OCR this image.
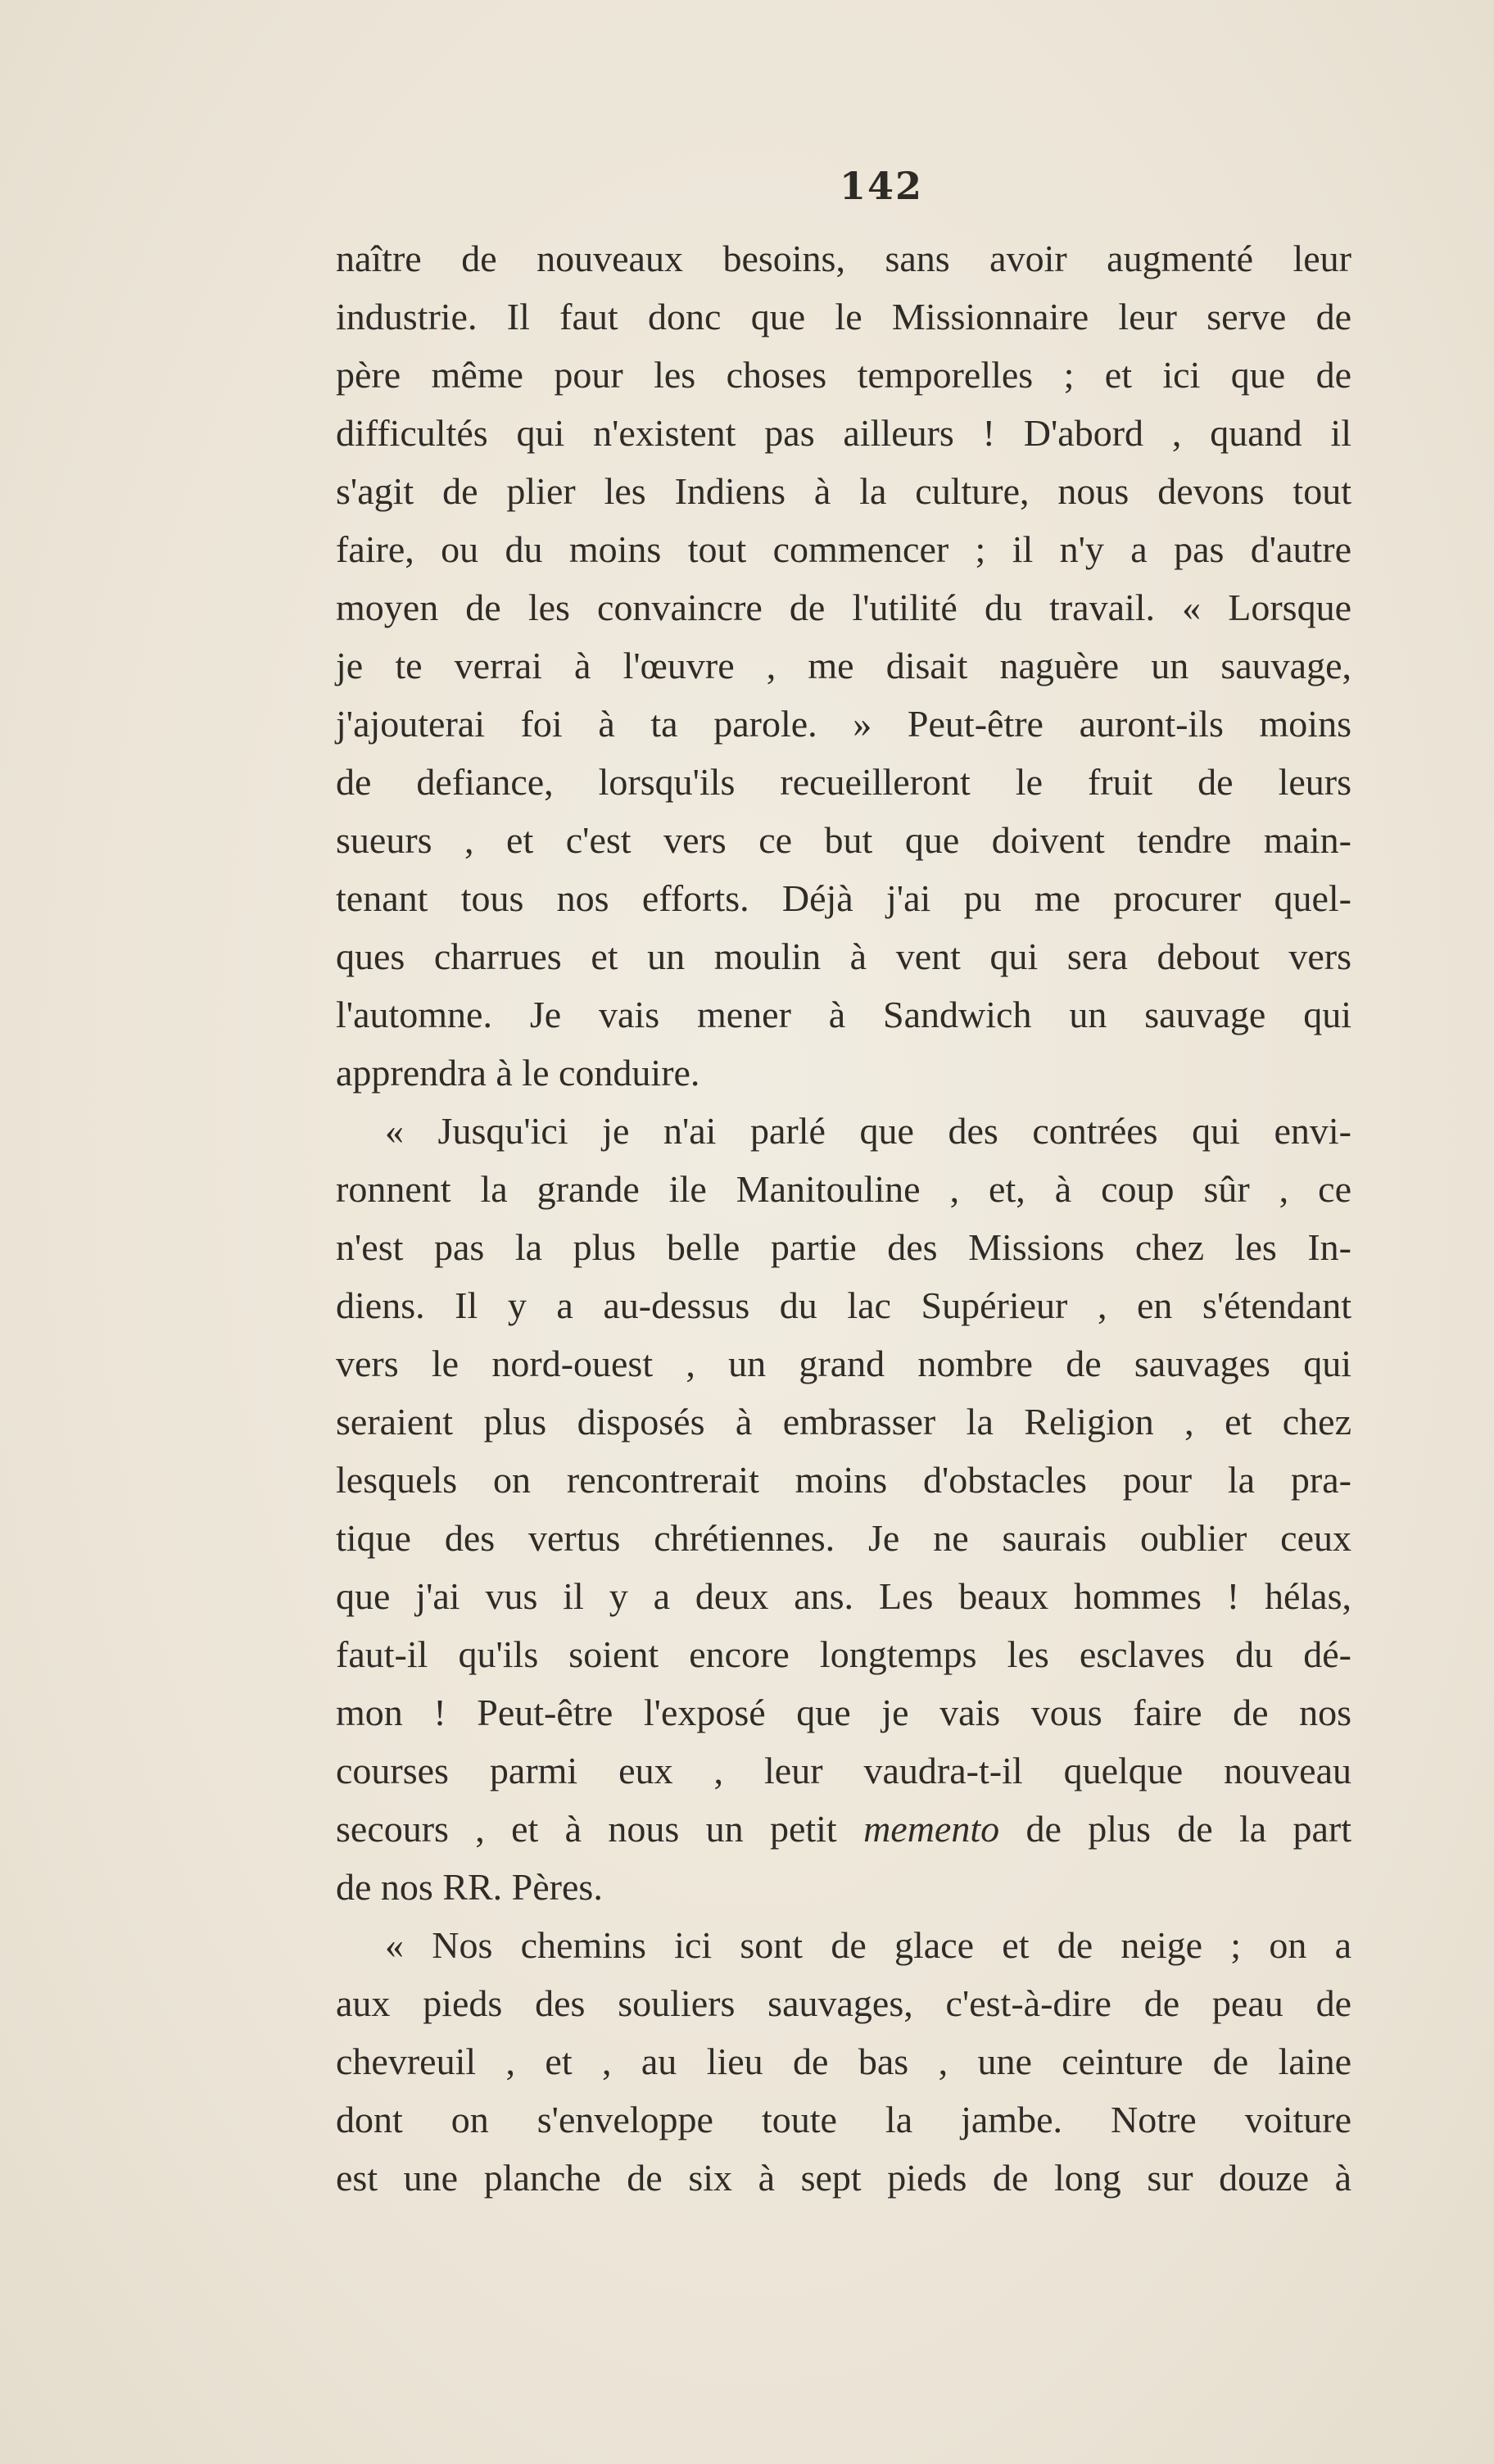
142
naître de nouveaux besoins, sans avoir augmenté leur
industrie. Il faut donc que le Missionnaire leur serve de
père même pour les choses temporelles ; et ici que de
difficultés qui n'existent pas ailleurs ! D'abord , quand il
s'agit de plier les Indiens à la culture, nous devons tout
faire, ou du moins tout commencer ; il n'y a pas d'autre
moyen de les convaincre de l'utilité du travail. « Lorsque
je te verrai à l'œuvre , me disait naguère un sauvage,
j'ajouterai foi à ta parole. » Peut-être auront-ils moins
de defiance, lorsqu'ils recueilleront le fruit de leurs
sueurs , et c'est vers ce but que doivent tendre main-
tenant tous nos efforts. Déjà j'ai pu me procurer quel-
ques charrues et un moulin à vent qui sera debout vers
l'automne. Je vais mener à Sandwich un sauvage qui
apprendra à le conduire.
« Jusqu'ici je n'ai parlé que des contrées qui envi-
ronnent la grande ile Manitouline , et, à coup sûr , ce
n'est pas la plus belle partie des Missions chez les In-
diens. Il y a au-dessus du lac Supérieur , en s'étendant
vers le nord-ouest , un grand nombre de sauvages qui
seraient plus disposés à embrasser la Religion , et chez
lesquels on rencontrerait moins d'obstacles pour la pra-
tique des vertus chrétiennes. Je ne saurais oublier ceux
que j'ai vus il y a deux ans. Les beaux hommes ! hélas,
faut-il qu'ils soient encore longtemps les esclaves du dé-
mon ! Peut-être l'exposé que je vais vous faire de nos
courses parmi eux , leur vaudra-t-il quelque nouveau
secours , et à nous un petit memento de plus de la part
de nos RR. Pères.
« Nos chemins ici sont de glace et de neige ; on a
aux pieds des souliers sauvages, c'est-à-dire de peau de
chevreuil , et , au lieu de bas , une ceinture de laine
dont on s'enveloppe toute la jambe. Notre voiture
est une planche de six à sept pieds de long sur douze à
